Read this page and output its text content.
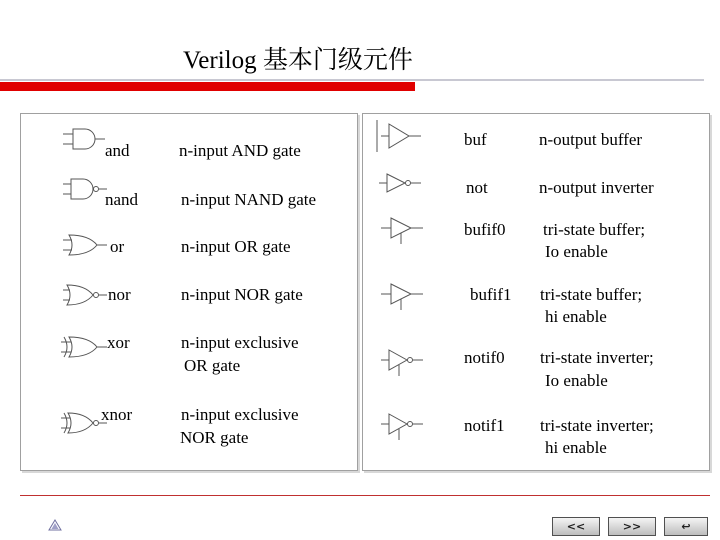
Verilog 基本门级元件
and	n-input AND gate
nand	n-input NAND gate
or	n-input OR gate
nor	n-input NOR gate
xor	n-input exclusive
OR gate
xnor	n-input exclusive
NOR gate
buf	n-output buffer
not	n-output inverter
bufif0 tri-state buffer;
Io enable
bufif1 tri-state buffer;
hi enable
notif0 tri-state inverter;
Io enable
notif1 tri-state inverter;
hi enable
<<	>>	↩
